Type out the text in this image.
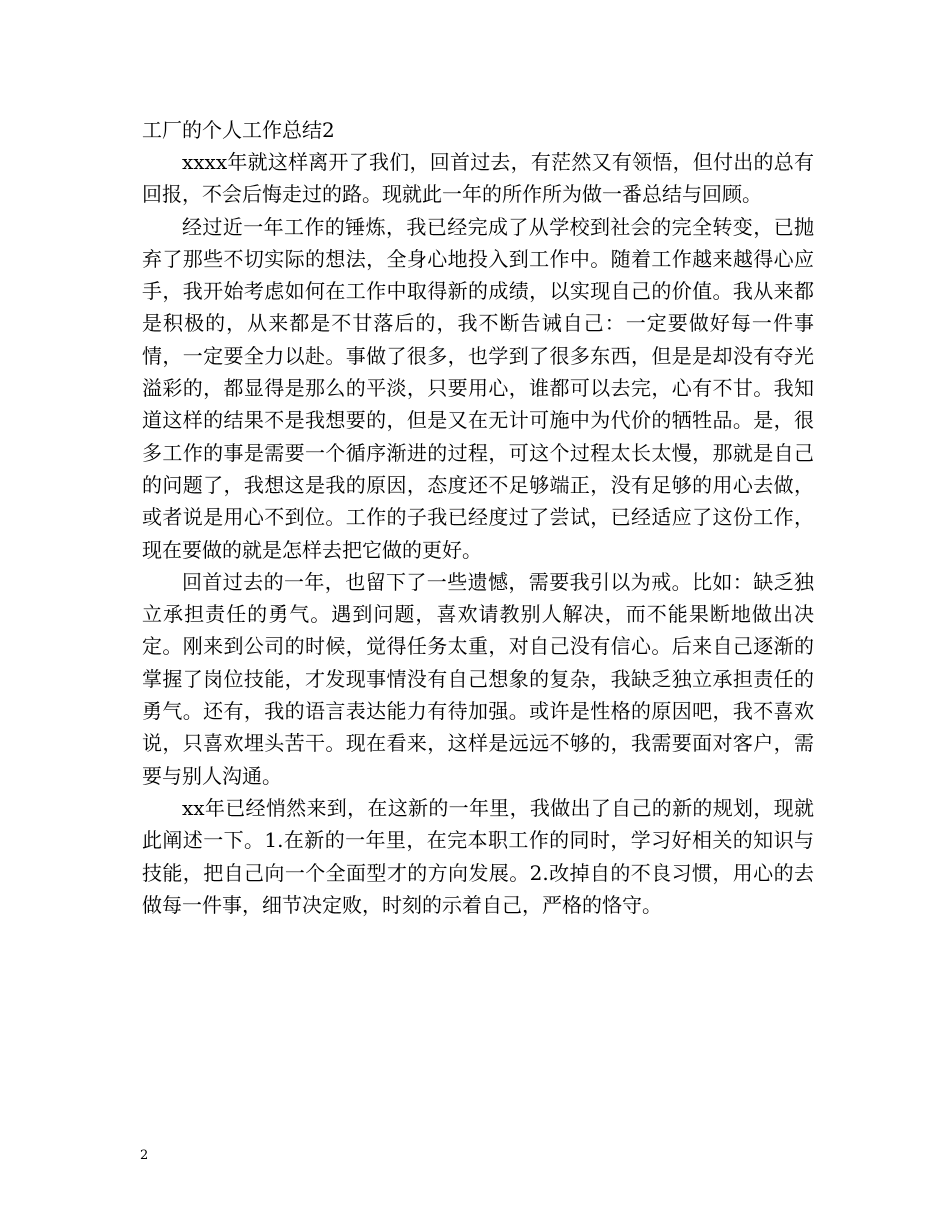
工厂的个人工作总结2

xxxx年就这样离开了我们，回首过去，有茫然又有领悟，但付出的总有回报，不会后悔走过的路。现就此一年的所作所为做一番总结与回顾。

经过近一年工作的锤炼，我已经完成了从学校到社会的完全转变，已抛弃了那些不切实际的想法，全身心地投入到工作中。随着工作越来越得心应手，我开始考虑如何在工作中取得新的成绩，以实现自己的价值。我从来都是积极的，从来都是不甘落后的，我不断告诫自己：一定要做好每一件事情，一定要全力以赴。事做了很多，也学到了很多东西，但是是却没有夺光溢彩的，都显得是那么的平淡，只要用心，谁都可以去完，心有不甘。我知道这样的结果不是我想要的，但是又在无计可施中为代价的牺牲品。是，很多工作的事是需要一个循序渐进的过程，可这个过程太长太慢，那就是自己的问题了，我想这是我的原因，态度还不足够端正，没有足够的用心去做，或者说是用心不到位。工作的子我已经度过了尝试，已经适应了这份工作，现在要做的就是怎样去把它做的更好。

回首过去的一年，也留下了一些遗憾，需要我引以为戒。比如：缺乏独立承担责任的勇气。遇到问题，喜欢请教别人解决，而不能果断地做出决定。刚来到公司的时候，觉得任务太重，对自己没有信心。后来自己逐渐的掌握了岗位技能，才发现事情没有自己想象的复杂，我缺乏独立承担责任的勇气。还有，我的语言表达能力有待加强。或许是性格的原因吧，我不喜欢说，只喜欢埋头苦干。现在看来，这样是远远不够的，我需要面对客户，需要与别人沟通。

xx年已经悄然来到，在这新的一年里，我做出了自己的新的规划，现就此阐述一下。1.在新的一年里，在完本职工作的同时，学习好相关的知识与技能，把自己向一个全面型才的方向发展。2.改掉自的不良习惯，用心的去做每一件事，细节决定败，时刻的示着自己，严格的恪守。

2
